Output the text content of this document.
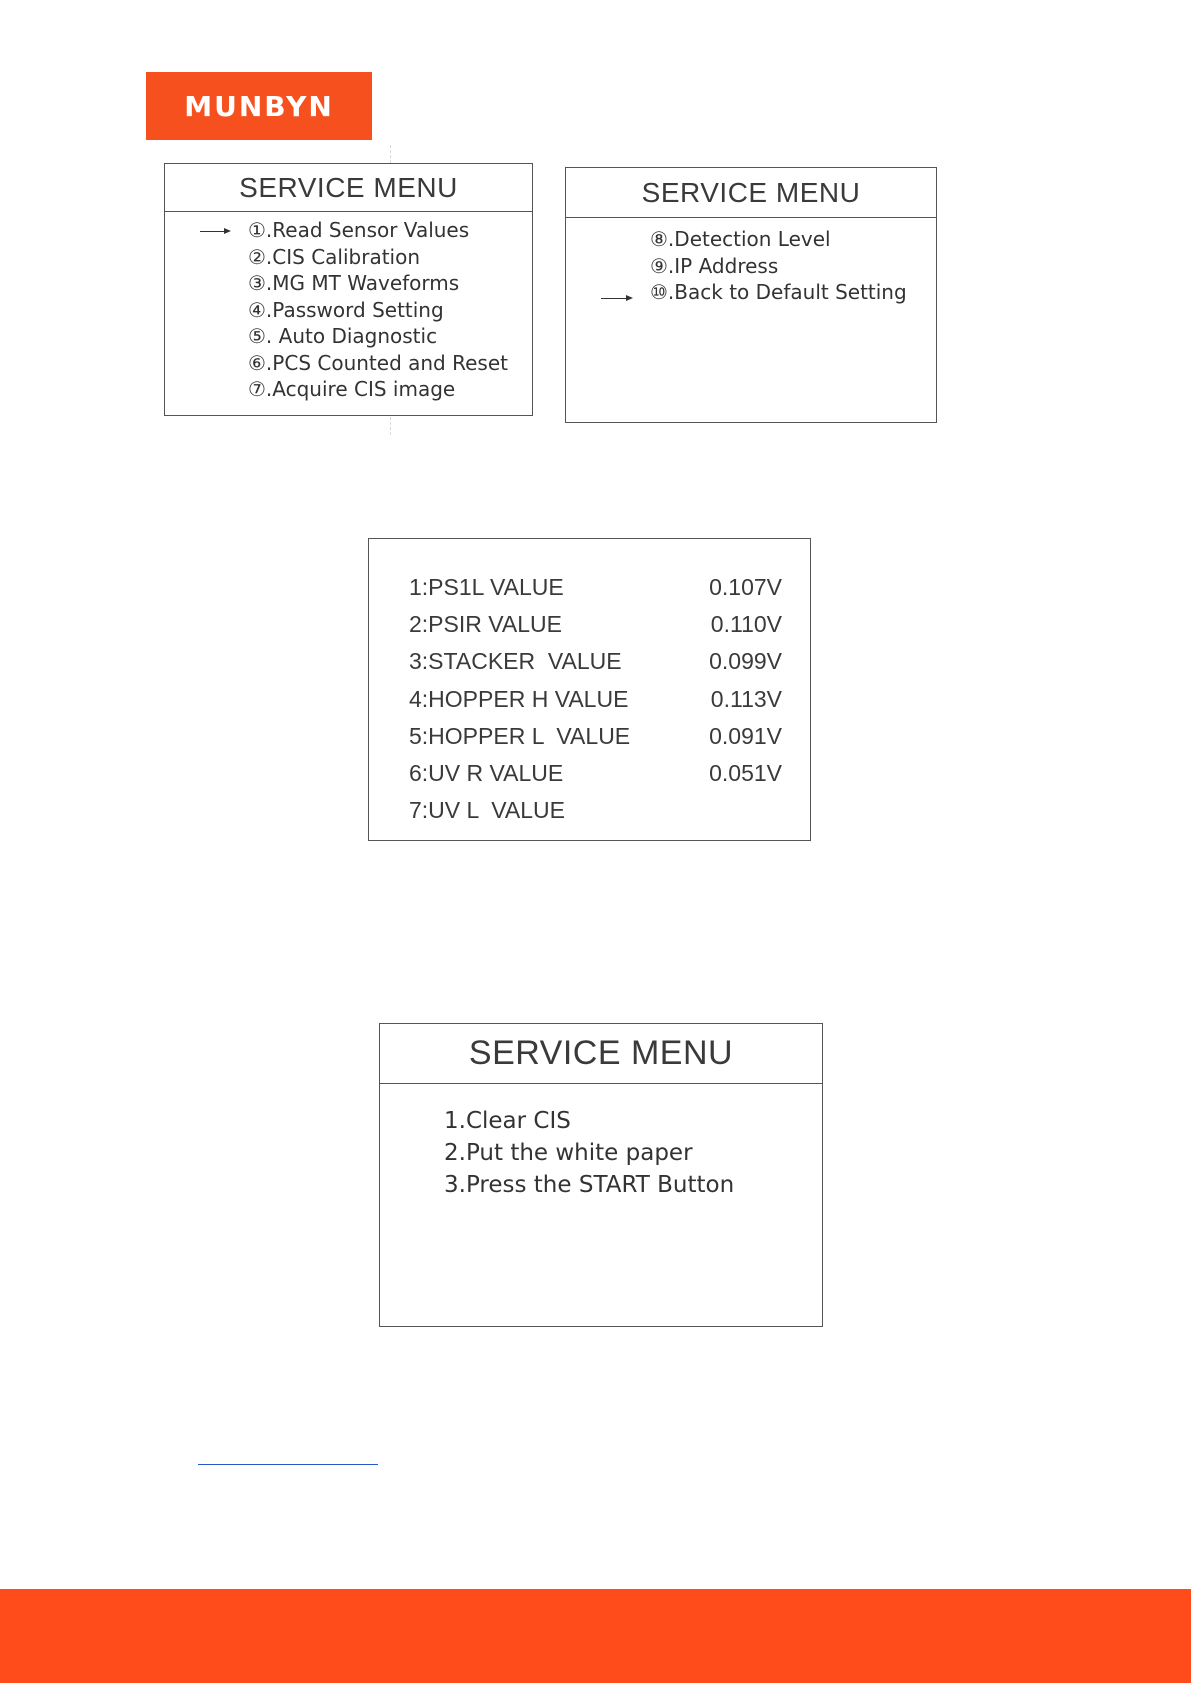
MUNBYN
SERVICE MENU
①.Read Sensor Values
②.CIS Calibration
③.MG MT Waveforms
④.Password Setting
⑤. Auto Diagnostic
⑥.PCS Counted and Reset
⑦.Acquire CIS image
SERVICE MENU
⑧.Detection Level
⑨.IP Address
⑩.Back to Default Setting
1:PS1L VALUE	0.107V
2:PSIR VALUE	0.110V
3:STACKER  VALUE	0.099V
4:HOPPER H VALUE	0.113V
5:HOPPER L  VALUE	0.091V
6:UV R VALUE	0.051V
7:UV L  VALUE
SERVICE MENU
1.Clear CIS
2.Put the white paper
3.Press the START Button
